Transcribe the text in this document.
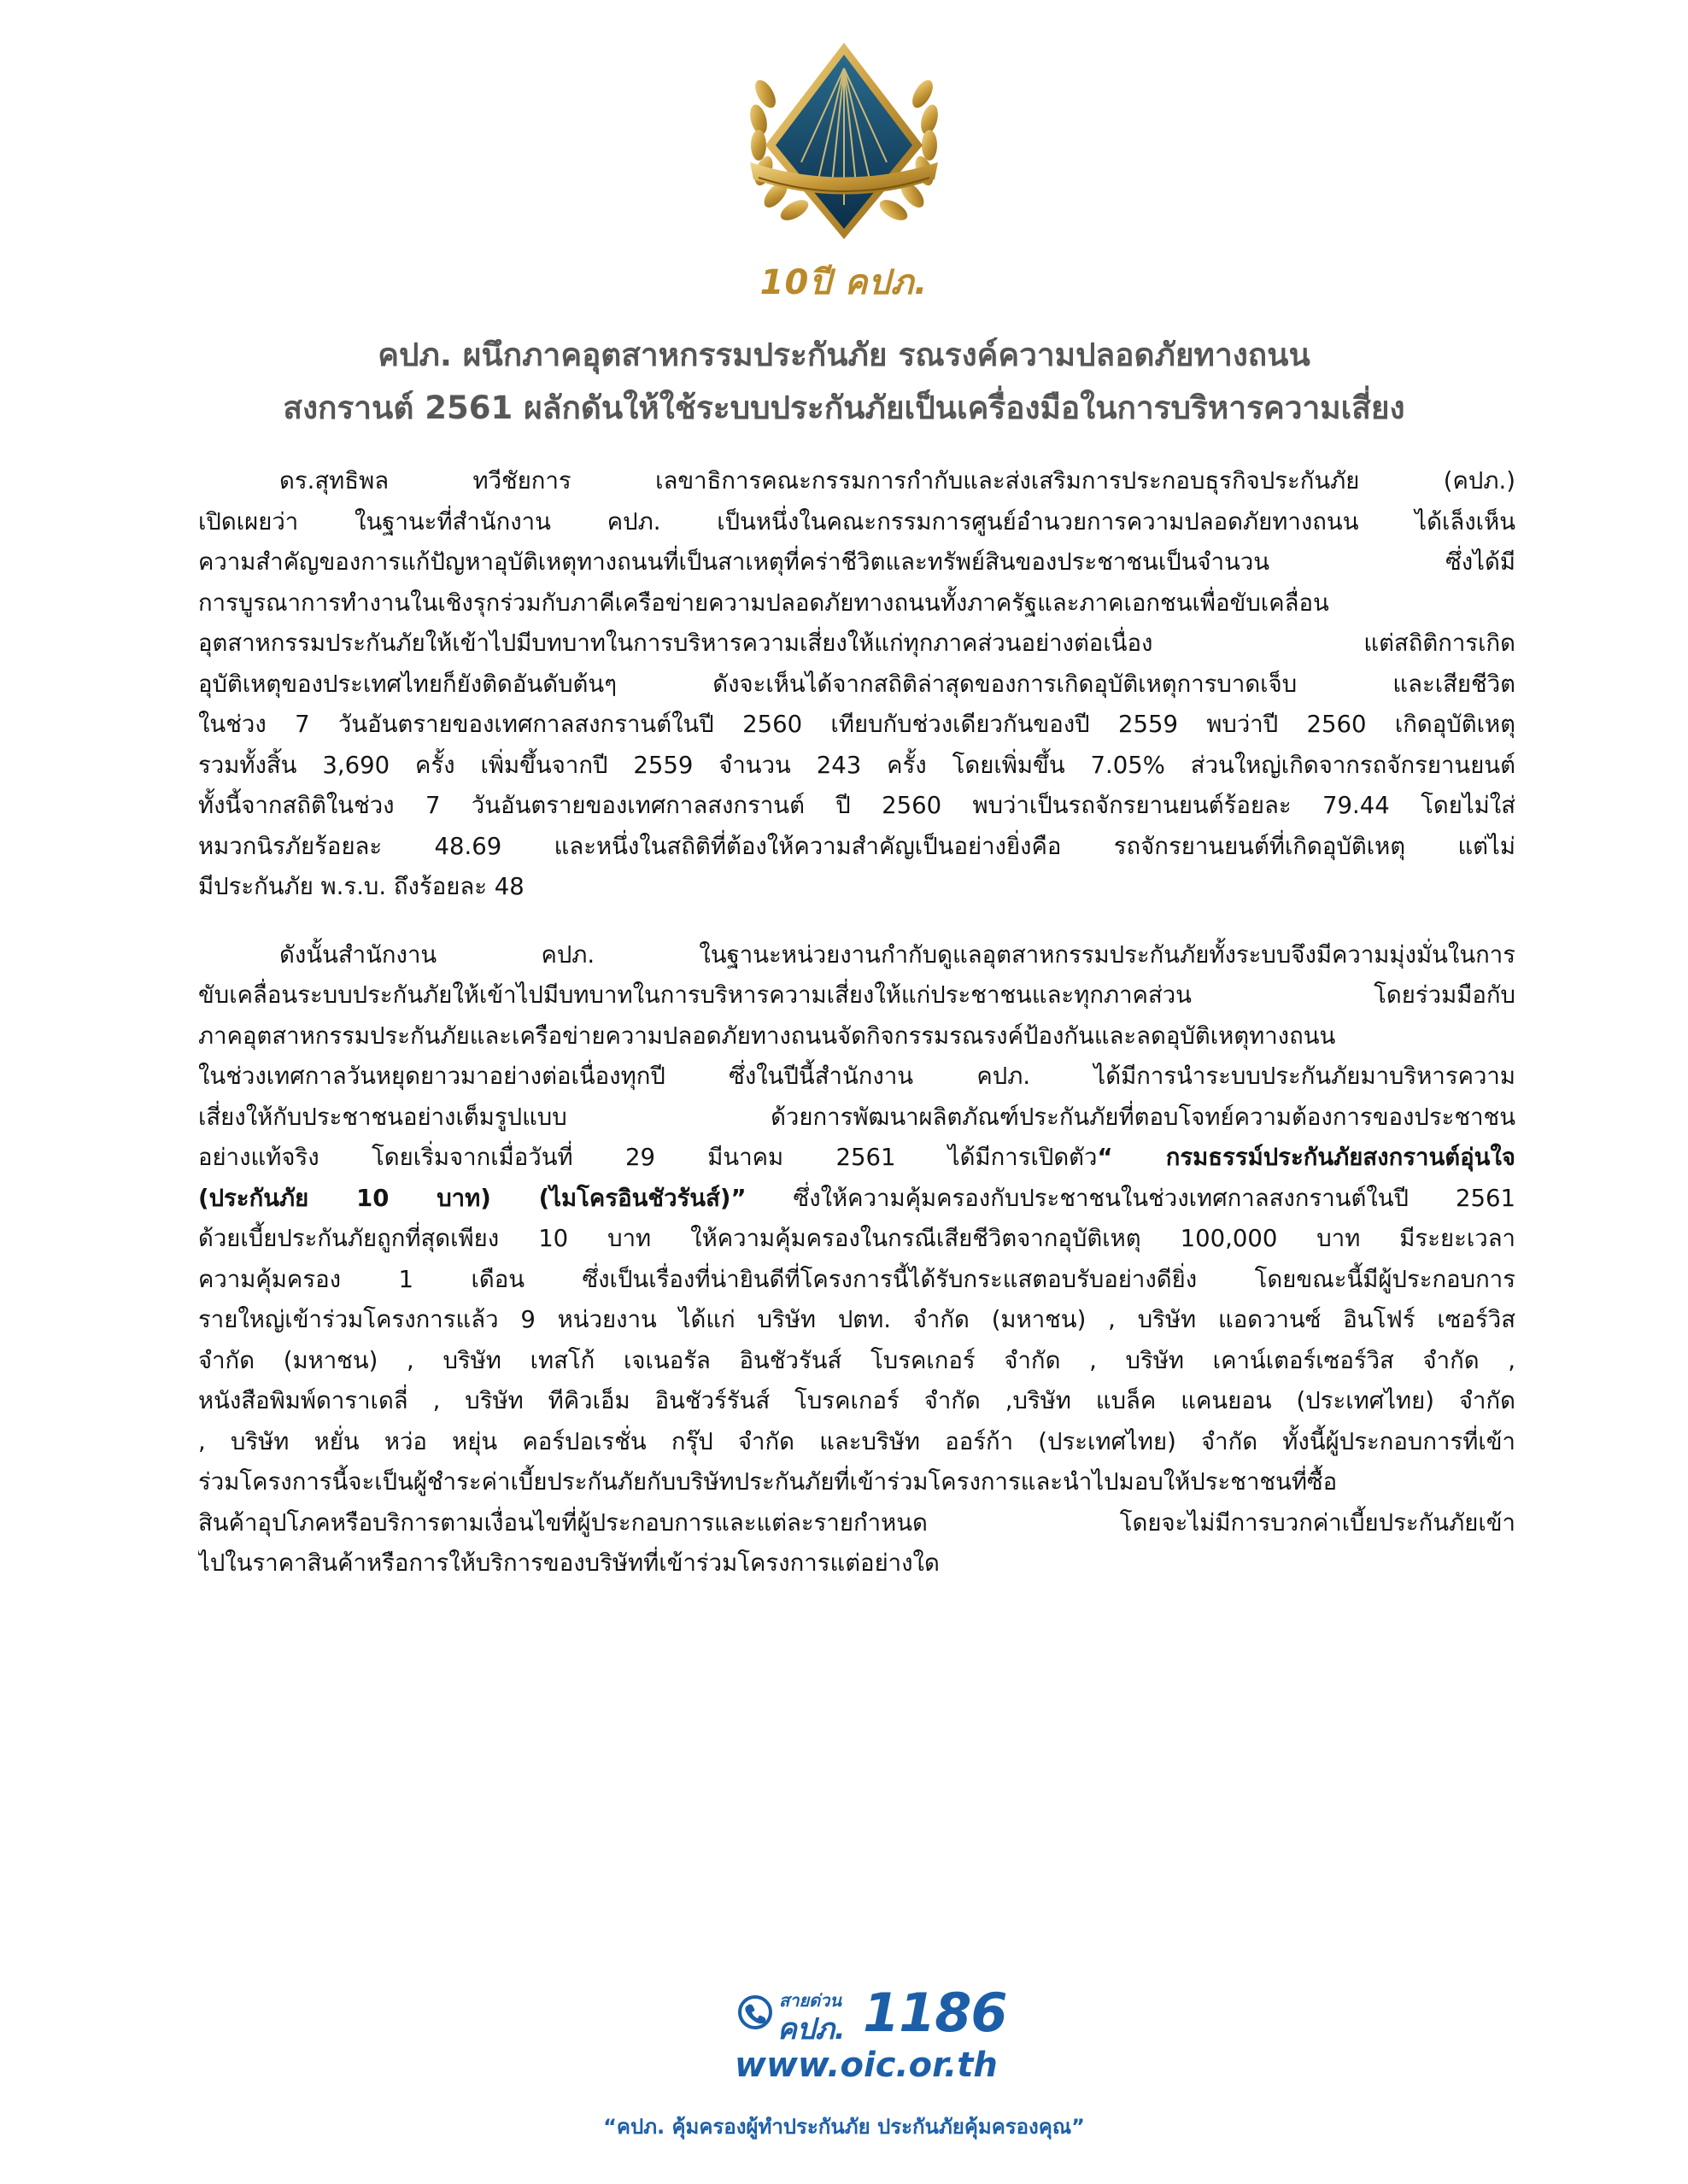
10ปี คปภ.
คปภ. ผนึกภาคอุตสาหกรรมประกันภัย รณรงค์ความปลอดภัยทางถนน
สงกรานต์ 2561 ผลักดันให้ใช้ระบบประกันภัยเป็นเครื่องมือในการบริหารความเสี่ยง
ดร.สุทธิพล ทวีชัยการ เลขาธิการคณะกรรมการกำกับและส่งเสริมการประกอบธุรกิจประกันภัย (คปภ.)
เปิดเผยว่า ในฐานะที่สำนักงาน คปภ. เป็นหนึ่งในคณะกรรมการศูนย์อำนวยการความปลอดภัยทางถนน ได้เล็งเห็น
ความสำคัญของการแก้ปัญหาอุบัติเหตุทางถนนที่เป็นสาเหตุที่คร่าชีวิตและทรัพย์สินของประชาชนเป็นจำนวน ซึ่งได้มี
การบูรณาการทำงานในเชิงรุกร่วมกับภาคีเครือข่ายความปลอดภัยทางถนนทั้งภาครัฐและภาคเอกชนเพื่อขับเคลื่อน
อุตสาหกรรมประกันภัยให้เข้าไปมีบทบาทในการบริหารความเสี่ยงให้แก่ทุกภาคส่วนอย่างต่อเนื่อง แต่สถิติการเกิด
อุบัติเหตุของประเทศไทยก็ยังติดอันดับต้นๆ ดังจะเห็นได้จากสถิติล่าสุดของการเกิดอุบัติเหตุการบาดเจ็บ และเสียชีวิต
ในช่วง 7 วันอันตรายของเทศกาลสงกรานต์ในปี 2560 เทียบกับช่วงเดียวกันของปี 2559 พบว่าปี 2560 เกิดอุบัติเหตุ
รวมทั้งสิ้น 3,690 ครั้ง เพิ่มขึ้นจากปี 2559 จำนวน 243 ครั้ง โดยเพิ่มขึ้น 7.05% ส่วนใหญ่เกิดจากรถจักรยานยนต์
ทั้งนี้จากสถิติในช่วง 7 วันอันตรายของเทศกาลสงกรานต์ ปี 2560 พบว่าเป็นรถจักรยานยนต์ร้อยละ 79.44 โดยไม่ใส่
หมวกนิรภัยร้อยละ 48.69 และหนึ่งในสถิติที่ต้องให้ความสำคัญเป็นอย่างยิ่งคือ รถจักรยานยนต์ที่เกิดอุบัติเหตุ แต่ไม่
มีประกันภัย พ.ร.บ. ถึงร้อยละ 48
ดังนั้นสำนักงาน คปภ. ในฐานะหน่วยงานกำกับดูแลอุตสาหกรรมประกันภัยทั้งระบบจึงมีความมุ่งมั่นในการ
ขับเคลื่อนระบบประกันภัยให้เข้าไปมีบทบาทในการบริหารความเสี่ยงให้แก่ประชาชนและทุกภาคส่วน โดยร่วมมือกับ
ภาคอุตสาหกรรมประกันภัยและเครือข่ายความปลอดภัยทางถนนจัดกิจกรรมรณรงค์ป้องกันและลดอุบัติเหตุทางถนน
ในช่วงเทศกาลวันหยุดยาวมาอย่างต่อเนื่องทุกปี ซึ่งในปีนี้สำนักงาน คปภ. ได้มีการนำระบบประกันภัยมาบริหารความ
เสี่ยงให้กับประชาชนอย่างเต็มรูปแบบ ด้วยการพัฒนาผลิตภัณฑ์ประกันภัยที่ตอบโจทย์ความต้องการของประชาชน
อย่างแท้จริง โดยเริ่มจากเมื่อวันที่ 29 มีนาคม 2561 ได้มีการเปิดตัว“ กรมธรรม์ประกันภัยสงกรานต์อุ่นใจ
(ประกันภัย 10 บาท) (ไมโครอินชัวรันส์)” ซึ่งให้ความคุ้มครองกับประชาชนในช่วงเทศกาลสงกรานต์ในปี 2561
ด้วยเบี้ยประกันภัยถูกที่สุดเพียง 10 บาท ให้ความคุ้มครองในกรณีเสียชีวิตจากอุบัติเหตุ 100,000 บาท มีระยะเวลา
ความคุ้มครอง 1 เดือน ซึ่งเป็นเรื่องที่น่ายินดีที่โครงการนี้ได้รับกระแสตอบรับอย่างดียิ่ง โดยขณะนี้มีผู้ประกอบการ
รายใหญ่เข้าร่วมโครงการแล้ว 9 หน่วยงาน ได้แก่ บริษัท ปตท. จำกัด (มหาชน) , บริษัท แอดวานซ์ อินโฟร์ เซอร์วิส
จำกัด (มหาชน) , บริษัท เทสโก้ เจเนอรัล อินชัวรันส์ โบรคเกอร์ จำกัด , บริษัท เคาน์เตอร์เซอร์วิส จำกัด ,
หนังสือพิมพ์ดาราเดลี่ , บริษัท ทีคิวเอ็ม อินชัวร์รันส์ โบรคเกอร์ จำกัด ,บริษัท แบล็ค แคนยอน (ประเทศไทย) จำกัด
, บริษัท หยั่น หว่อ หยุ่น คอร์ปอเรชั่น กรุ๊ป จำกัด และบริษัท ออร์ก้า (ประเทศไทย) จำกัด ทั้งนี้ผู้ประกอบการที่เข้า
ร่วมโครงการนี้จะเป็นผู้ชำระค่าเบี้ยประกันภัยกับบริษัทประกันภัยที่เข้าร่วมโครงการและนำไปมอบให้ประชาชนที่ซื้อ
สินค้าอุปโภคหรือบริการตามเงื่อนไขที่ผู้ประกอบการและแต่ละรายกำหนด โดยจะไม่มีการบวกค่าเบี้ยประกันภัยเข้า
ไปในราคาสินค้าหรือการให้บริการของบริษัทที่เข้าร่วมโครงการแต่อย่างใด
สายด่วน
คปภ. 1186
www.oic.or.th
“คปภ. คุ้มครองผู้ทำประกันภัย ประกันภัยคุ้มครองคุณ”
